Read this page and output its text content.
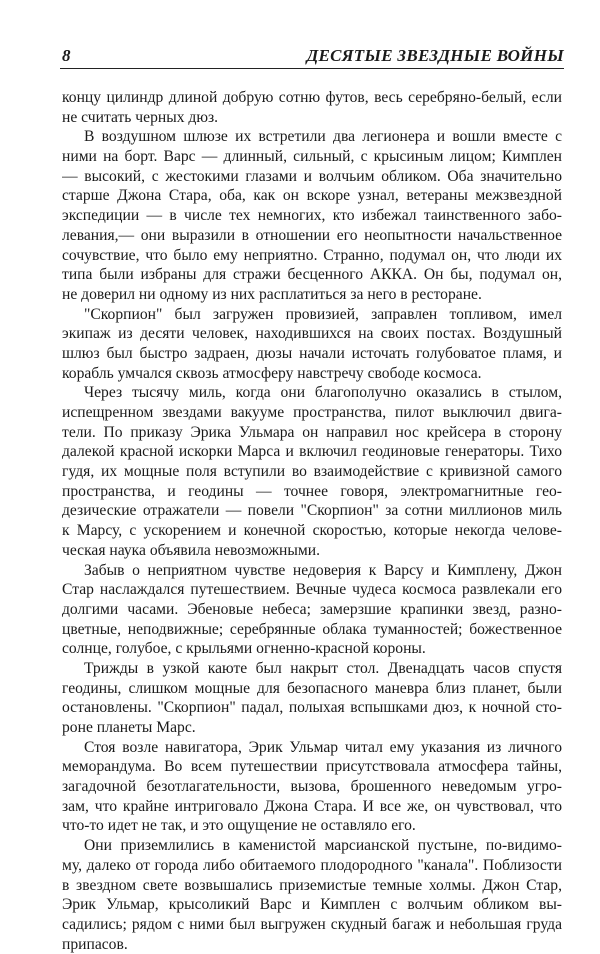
8	ДЕСЯТЫЕ ЗВЕЗДНЫЕ ВОЙНЫ
концу цилиндр длиной добрую сотню футов, весь серебряно-белый, если
не считать черных дюз.
В воздушном шлюзе их встретили два легионера и вошли вместе с
ними на борт. Варс — длинный, сильный, с крысиным лицом; Кимплен
— высокий, с жестокими глазами и волчьим обликом. Оба значительно
старше Джона Стара, оба, как он вскоре узнал, ветераны межзвездной
экспедиции — в числе тех немногих, кто избежал таинственного забо-
левания,— они выразили в отношении его неопытности начальственное
сочувствие, что было ему неприятно. Странно, подумал он, что люди их
типа были избраны для стражи бесценного АККА. Он бы, подумал он,
не доверил ни одному из них расплатиться за него в ресторане.
"Скорпион" был загружен провизией, заправлен топливом, имел
экипаж из десяти человек, находившихся на своих постах. Воздушный
шлюз был быстро задраен, дюзы начали источать голубоватое пламя, и
корабль умчался сквозь атмосферу навстречу свободе космоса.
Через тысячу миль, когда они благополучно оказались в стылом,
испещренном звездами вакууме пространства, пилот выключил двига-
тели. По приказу Эрика Ульмара он направил нос крейсера в сторону
далекой красной искорки Марса и включил геодиновые генераторы. Тихо
гудя, их мощные поля вступили во взаимодействие с кривизной самого
пространства, и геодины — точнее говоря, электромагнитные гео-
дезические отражатели — повели "Скорпион" за сотни миллионов миль
к Марсу, с ускорением и конечной скоростью, которые некогда челове-
ческая наука объявила невозможными.
Забыв о неприятном чувстве недоверия к Варсу и Кимплену, Джон
Стар наслаждался путешествием. Вечные чудеса космоса развлекали его
долгими часами. Эбеновые небеса; замерзшие крапинки звезд, разно-
цветные, неподвижные; серебрянные облака туманностей; божественное
солнце, голубое, с крыльями огненно-красной короны.
Трижды в узкой каюте был накрыт стол. Двенадцать часов спустя
геодины, слишком мощные для безопасного маневра близ планет, были
остановлены. "Скорпион" падал, полыхая вспышками дюз, к ночной сто-
роне планеты Марс.
Стоя возле навигатора, Эрик Ульмар читал ему указания из личного
меморандума. Во всем путешествии присутствовала атмосфера тайны,
загадочной безотлагательности, вызова, брошенного неведомым угро-
зам, что крайне интриговало Джона Стара. И все же, он чувствовал, что
что-то идет не так, и это ощущение не оставляло его.
Они приземлились в каменистой марсианской пустыне, по-видимо-
му, далеко от города либо обитаемого плодородного "канала". Поблизости
в звездном свете возвышались приземистые темные холмы. Джон Стар,
Эрик Ульмар, крысоликий Варс и Кимплен с волчьим обликом вы-
садились; рядом с ними был выгружен скудный багаж и небольшая груда
припасов.
